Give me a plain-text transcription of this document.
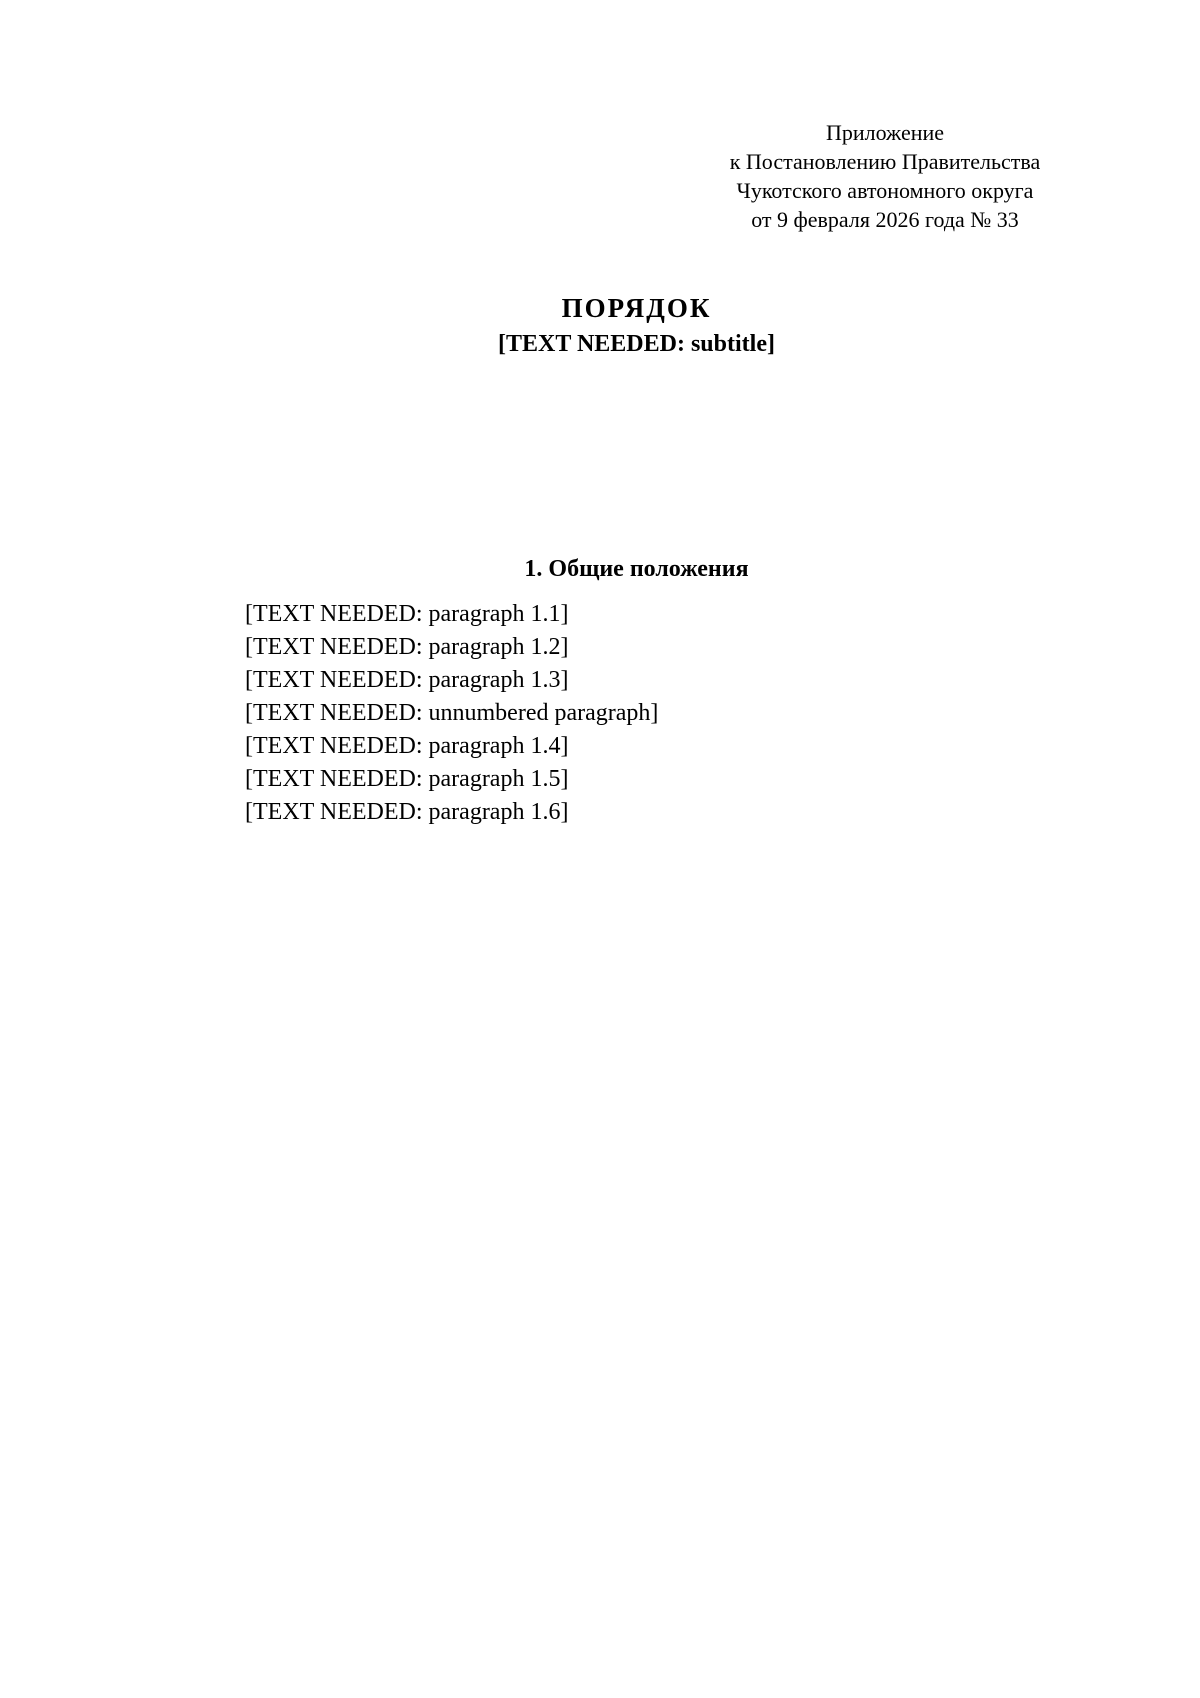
Приложение
к Постановлению Правительства
Чукотского автономного округа
от 9 февраля 2026 года № 33
ПОРЯДОК
[TEXT NEEDED: subtitle]
1. Общие положения

[TEXT NEEDED: paragraph 1.1]

[TEXT NEEDED: paragraph 1.2]

[TEXT NEEDED: paragraph 1.3]

[TEXT NEEDED: unnumbered paragraph]

[TEXT NEEDED: paragraph 1.4]

[TEXT NEEDED: paragraph 1.5]

[TEXT NEEDED: paragraph 1.6]
